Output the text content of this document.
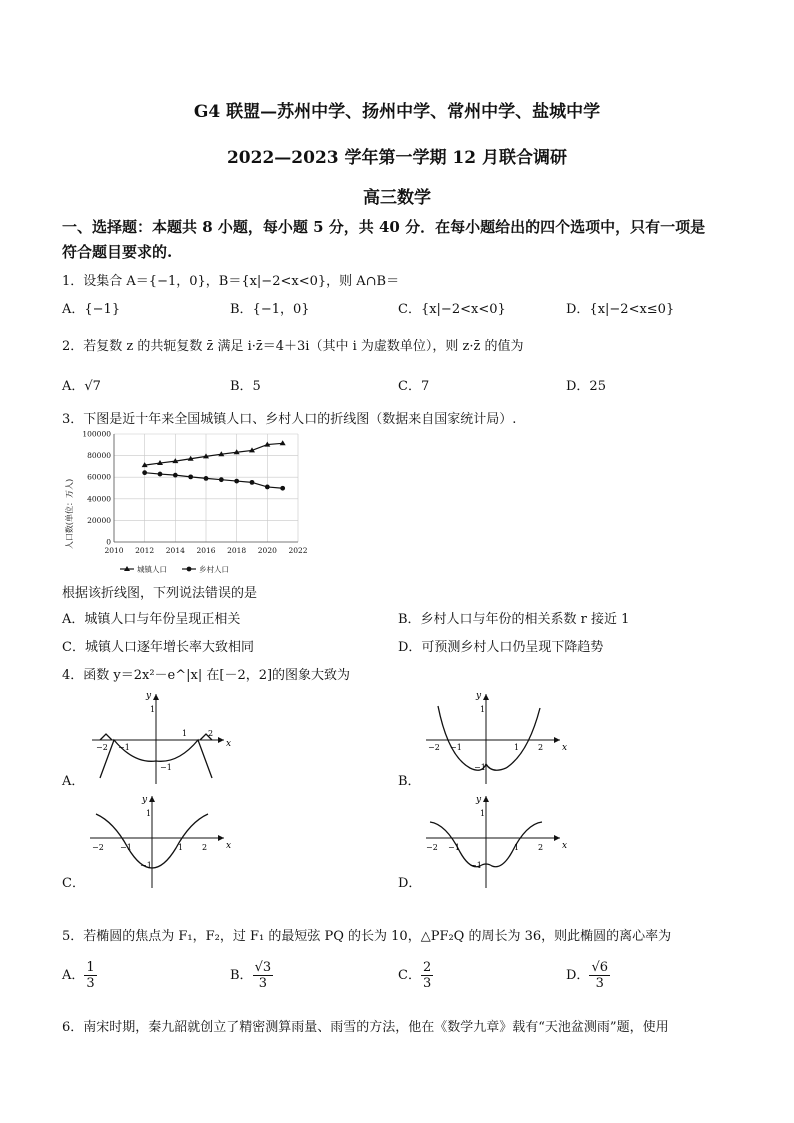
G4 联盟—苏州中学、扬州中学、常州中学、盐城中学
2022—2023 学年第一学期 12 月联合调研
高三数学
一、选择题：本题共 8 小题，每小题 5 分，共 40 分．在每小题给出的四个选项中，只有一项是
符合题目要求的.
1．设集合 A＝{−1，0}，B＝{x|−2<x<0}，则 A∩B＝
A．{−1}	B．{−1，0}	C．{x|−2<x<0}	D．{x|−2<x≤0}
2．若复数 z 的共轭复数 z̄ 满足 i·z̄＝4＋3i（其中 i 为虚数单位），则 z·z̄ 的值为
A．√7	B．5	C．7	D．25
3．下图是近十年来全国城镇人口、乡村人口的折线图（数据来自国家统计局）.
2010 2012 2014 2016 2018 2020 2022
0
20000
40000
60000
80000
100000
人口数(单位：万人)
城镇人口	乡村人口
根据该折线图，下列说法错误的是
A．城镇人口与年份呈现正相关	B．乡村人口与年份的相关系数 r 接近 1
C．城镇人口逐年增长率大致相同	D．可预测乡村人口仍呈现下降趋势
4．函数 y＝2x²－e^|x| 在[－2，2]的图象大致为
y
x
1
−2 −1
1	2
−1
A．
y
x
1
−2 −1	1 2
−1
B．
y
x
1
−2 −1	1 2
−1
C．
y
x
1
−2 −1	1 2
−1
D．
5．若椭圆的焦点为 F₁，F₂，过 F₁ 的最短弦 PQ 的长为 10，△PF₂Q 的周长为 36，则此椭圆的离心率为
A． $\frac{1}{3}$	B． $\frac{√3}{3}$	C． $\frac{2}{3}$	D． $\frac{√6}{3}$
6．南宋时期，秦九韶就创立了精密测算雨量、雨雪的方法，他在《数学九章》载有“天池盆测雨”题，使用
